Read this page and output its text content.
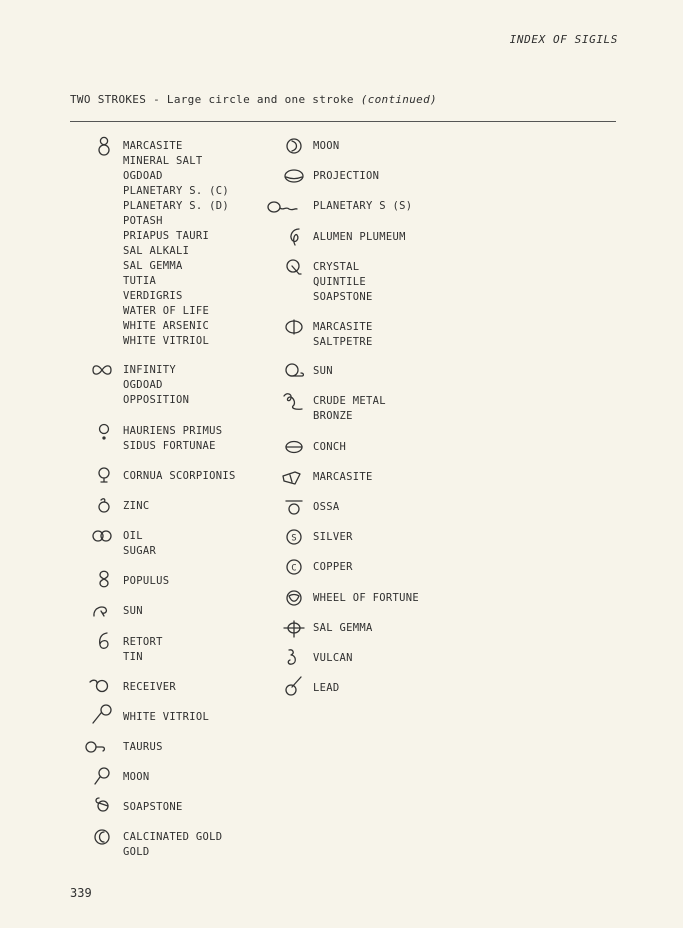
INDEX OF SIGILS
TWO STROKES - Large circle and one stroke (continued)
MARCASITE
MINERAL SALT
OGDOAD
PLANETARY S. (C)
PLANETARY S. (D)
POTASH
PRIAPUS TAURI
SAL ALKALI
SAL GEMMA
TUTIA
VERDIGRIS
WATER OF LIFE
WHITE ARSENIC
WHITE VITRIOL
INFINITY
OGDOAD
OPPOSITION
HAURIENS PRIMUS
SIDUS FORTUNAE
CORNUA SCORPIONIS
ZINC
OIL
SUGAR
POPULUS
SUN
RETORT
TIN
RECEIVER
WHITE VITRIOL
TAURUS
MOON
SOAPSTONE
CALCINATED GOLD
GOLD
MOON
PROJECTION
PLANETARY S (S)
ALUMEN PLUMEUM
CRYSTAL
QUINTILE
SOAPSTONE
MARCASITE
SALTPETRE
SUN
CRUDE METAL
BRONZE
CONCH
MARCASITE
OSSA
S SILVER
C COPPER
WHEEL OF FORTUNE
SAL GEMMA
VULCAN
LEAD
339
